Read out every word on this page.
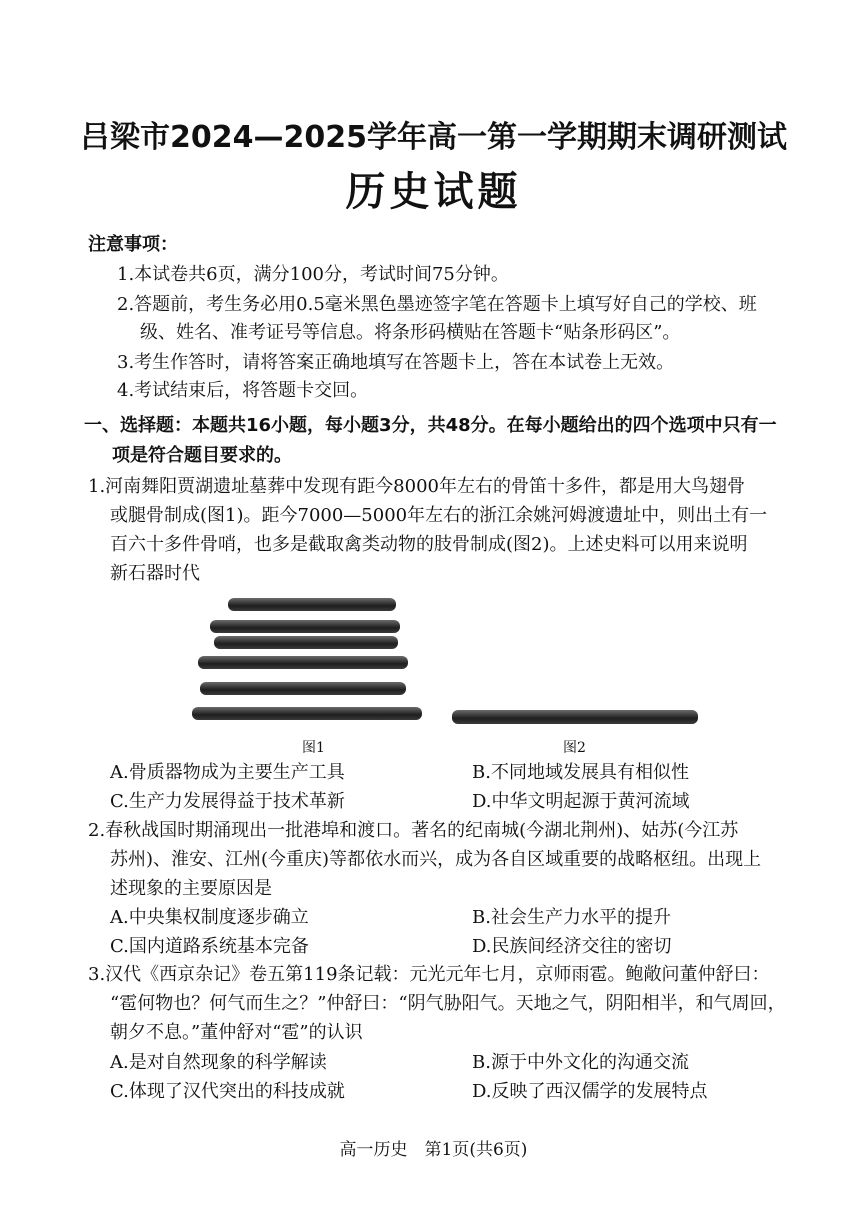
吕梁市2024—2025学年高一第一学期期末调研测试
历史试题
注意事项：
1.本试卷共6页，满分100分，考试时间75分钟。
2.答题前，考生务必用0.5毫米黑色墨迹签字笔在答题卡上填写好自己的学校、班
级、姓名、准考证号等信息。将条形码横贴在答题卡“贴条形码区”。
3.考生作答时，请将答案正确地填写在答题卡上，答在本试卷上无效。
4.考试结束后，将答题卡交回。
一、选择题：本题共16小题，每小题3分，共48分。在每小题给出的四个选项中只有一
项是符合题目要求的。
1.河南舞阳贾湖遗址墓葬中发现有距今8000年左右的骨笛十多件，都是用大鸟翅骨
或腿骨制成(图1)。距今7000—5000年左右的浙江余姚河姆渡遗址中，则出土有一
百六十多件骨哨，也多是截取禽类动物的肢骨制成(图2)。上述史料可以用来说明
新石器时代
图1	图2
A.骨质器物成为主要生产工具	B.不同地域发展具有相似性
C.生产力发展得益于技术革新	D.中华文明起源于黄河流域
2.春秋战国时期涌现出一批港埠和渡口。著名的纪南城(今湖北荆州)、姑苏(今江苏
苏州)、淮安、江州(今重庆)等都依水而兴，成为各自区域重要的战略枢纽。出现上
述现象的主要原因是
A.中央集权制度逐步确立	B.社会生产力水平的提升
C.国内道路系统基本完备	D.民族间经济交往的密切
3.汉代《西京杂记》卷五第119条记载：元光元年七月，京师雨雹。鲍敞问董仲舒曰：
“雹何物也？何气而生之？”仲舒曰：“阴气胁阳气。天地之气，阴阳相半，和气周回，
朝夕不息。”董仲舒对“雹”的认识
A.是对自然现象的科学解读	B.源于中外文化的沟通交流
C.体现了汉代突出的科技成就	D.反映了西汉儒学的发展特点
高一历史　第1页(共6页)
